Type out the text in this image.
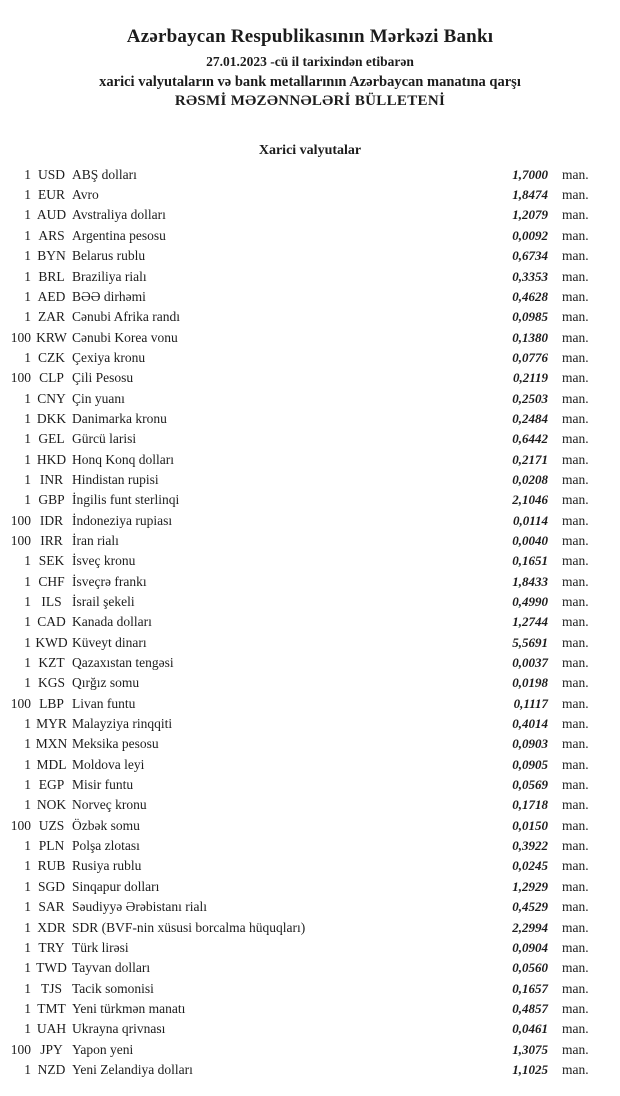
Azərbaycan Respublikasının Mərkəzi Bankı
27.01.2023 -cü il tarixindən etibarən
xarici valyutaların və bank metallarının Azərbaycan manatına qarşı
RƏSMİ MƏZƏNNƏLƏRİ BÜLLETENİ
Xarici valyutalar
1 USD ABŞ dolları	1,7000	man.
1 EUR Avro	1,8474	man.
1 AUD Avstraliya dolları	1,2079	man.
1 ARS Argentina pesosu	0,0092	man.
1 BYN Belarus rublu	0,6734	man.
1 BRL Braziliya rialı	0,3353	man.
1 AED BƏƏ dirhəmi	0,4628	man.
1 ZAR Cənubi Afrika randı	0,0985	man.
100 KRW Cənubi Korea vonu	0,1380	man.
1 CZK Çexiya kronu	0,0776	man.
100 CLP Çili Pesosu	0,2119	man.
1 CNY Çin yuanı	0,2503	man.
1 DKK Danimarka kronu	0,2484	man.
1 GEL Gürcü larisi	0,6442	man.
1 HKD Honq Konq dolları	0,2171	man.
1 INR Hindistan rupisi	0,0208	man.
1 GBP İngilis funt sterlinqi	2,1046	man.
100 IDR İndoneziya rupiası	0,0114	man.
100 IRR İran rialı	0,0040	man.
1 SEK İsveç kronu	0,1651	man.
1 CHF İsveçrə frankı	1,8433	man.
1 ILS İsrail şekeli	0,4990	man.
1 CAD Kanada dolları	1,2744	man.
1 KWD Küveyt dinarı	5,5691	man.
1 KZT Qazaxıstan tengəsi	0,0037	man.
1 KGS Qırğız somu	0,0198	man.
100 LBP Livan funtu	0,1117	man.
1 MYR Malayziya rinqqiti	0,4014	man.
1 MXN Meksika pesosu	0,0903	man.
1 MDL Moldova leyi	0,0905	man.
1 EGP Misir funtu	0,0569	man.
1 NOK Norveç kronu	0,1718	man.
100 UZS Özbək somu	0,0150	man.
1 PLN Polşa zlotası	0,3922	man.
1 RUB Rusiya rublu	0,0245	man.
1 SGD Sinqapur dolları	1,2929	man.
1 SAR Səudiyyə Ərəbistanı rialı	0,4529	man.
1 XDR SDR (BVF-nin xüsusi borcalma hüquqları)	2,2994	man.
1 TRY Türk lirəsi	0,0904	man.
1 TWD Tayvan dolları	0,0560	man.
1 TJS Tacik somonisi	0,1657	man.
1 TMT Yeni türkmən manatı	0,4857	man.
1 UAH Ukrayna qrivnası	0,0461	man.
100 JPY Yapon yeni	1,3075	man.
1 NZD Yeni Zelandiya dolları	1,1025	man.
